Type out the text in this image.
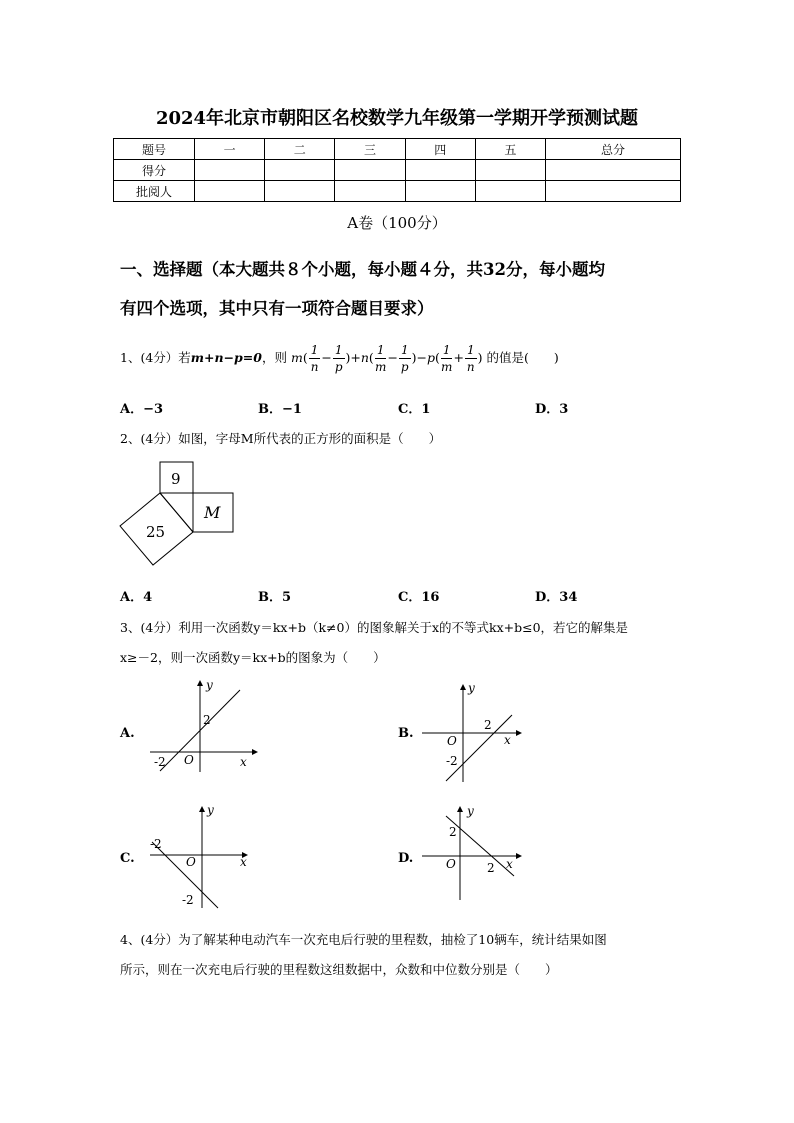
2024年北京市朝阳区名校数学九年级第一学期开学预测试题
题号	一	二	三	四	五	总分
得分						
批阅人						
A卷（100分）
一、选择题（本大题共８个小题，每小题４分，共32分，每小题均
有四个选项，其中只有一项符合题目要求）
1、(4分）若m+n−p=0，则 $m( \frac{1}{n} - \frac{1}{p} )+n( \frac{1}{m} - \frac{1}{p} )-p( \frac{1}{m} + \frac{1}{n}$ ) 的值是(　　)
A．−3	B．−1	C．1	D．3
2、(4分）如图，字母M所代表的正方形的面积是（　　）
9
25
M
A．4	B．5	C．16	D．34
3、(4分）利用一次函数y＝kx+b（k≠0）的图象解关于x的不等式kx+b≤0，若它的解集是
x≥－2，则一次函数y＝kx+b的图象为（　　）
A.
y
x
O
2
-2
B.
y
x
O
2
-2
C.
y
x
O
-2
-2
D.
y
x
O
2
2
4、(4分）为了解某种电动汽车一次充电后行驶的里程数，抽检了10辆车，统计结果如图
所示，则在一次充电后行驶的里程数这组数据中，众数和中位数分别是（　　）
